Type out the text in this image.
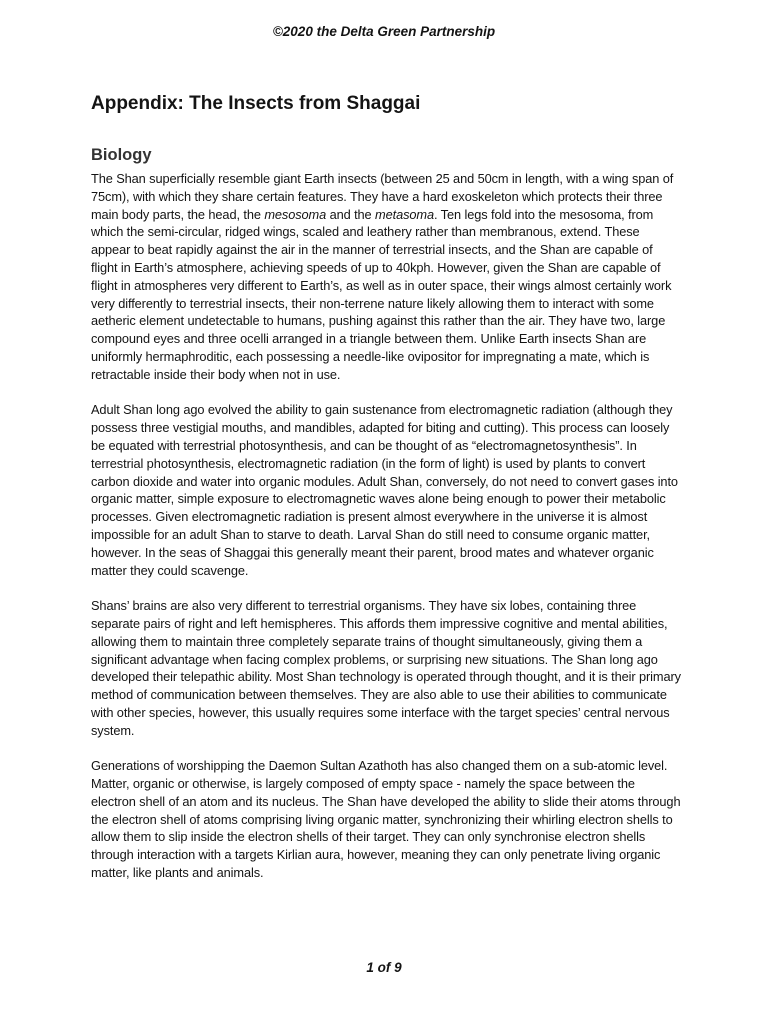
©2020 the Delta Green Partnership
Appendix: The Insects from Shaggai
Biology

The Shan superficially resemble giant Earth insects (between 25 and 50cm in length, with a wing span of 75cm), with which they share certain features. They have a hard exoskeleton which protects their three main body parts, the head, the mesosoma and the metasoma. Ten legs fold into the mesosoma, from which the semi-circular, ridged wings, scaled and leathery rather than membranous, extend. These appear to beat rapidly against the air in the manner of terrestrial insects, and the Shan are capable of flight in Earth’s atmosphere, achieving speeds of up to 40kph. However, given the Shan are capable of flight in atmospheres very different to Earth’s, as well as in outer space, their wings almost certainly work very differently to terrestrial insects, their non-terrene nature likely allowing them to interact with some aetheric element undetectable to humans, pushing against this rather than the air. They have two, large compound eyes and three ocelli arranged in a triangle between them. Unlike Earth insects Shan are uniformly hermaphroditic, each possessing a needle-like ovipositor for impregnating a mate, which is retractable inside their body when not in use.

Adult Shan long ago evolved the ability to gain sustenance from electromagnetic radiation (although they possess three vestigial mouths, and mandibles, adapted for biting and cutting). This process can loosely be equated with terrestrial photosynthesis, and can be thought of as “electromagnetosynthesis”. In terrestrial photosynthesis, electromagnetic radiation (in the form of light) is used by plants to convert carbon dioxide and water into organic modules. Adult Shan, conversely, do not need to convert gases into organic matter, simple exposure to electromagnetic waves alone being enough to power their metabolic processes. Given electromagnetic radiation is present almost everywhere in the universe it is almost impossible for an adult Shan to starve to death. Larval Shan do still need to consume organic matter, however. In the seas of Shaggai this generally meant their parent, brood mates and whatever organic matter they could scavenge.

Shans’ brains are also very different to terrestrial organisms. They have six lobes, containing three separate pairs of right and left hemispheres. This affords them impressive cognitive and mental abilities, allowing them to maintain three completely separate trains of thought simultaneously, giving them a significant advantage when facing complex problems, or surprising new situations. The Shan long ago developed their telepathic ability. Most Shan technology is operated through thought, and it is their primary method of communication between themselves. They are also able to use their abilities to communicate with other species, however, this usually requires some interface with the target species’ central nervous system.

Generations of worshipping the Daemon Sultan Azathoth has also changed them on a sub-atomic level. Matter, organic or otherwise, is largely composed of empty space - namely the space between the electron shell of an atom and its nucleus. The Shan have developed the ability to slide their atoms through the electron shell of atoms comprising living organic matter, synchronizing their whirling electron shells to allow them to slip inside the electron shells of their target. They can only synchronise electron shells through interaction with a targets Kirlian aura, however, meaning they can only penetrate living organic matter, like plants and animals.

1 of 9
